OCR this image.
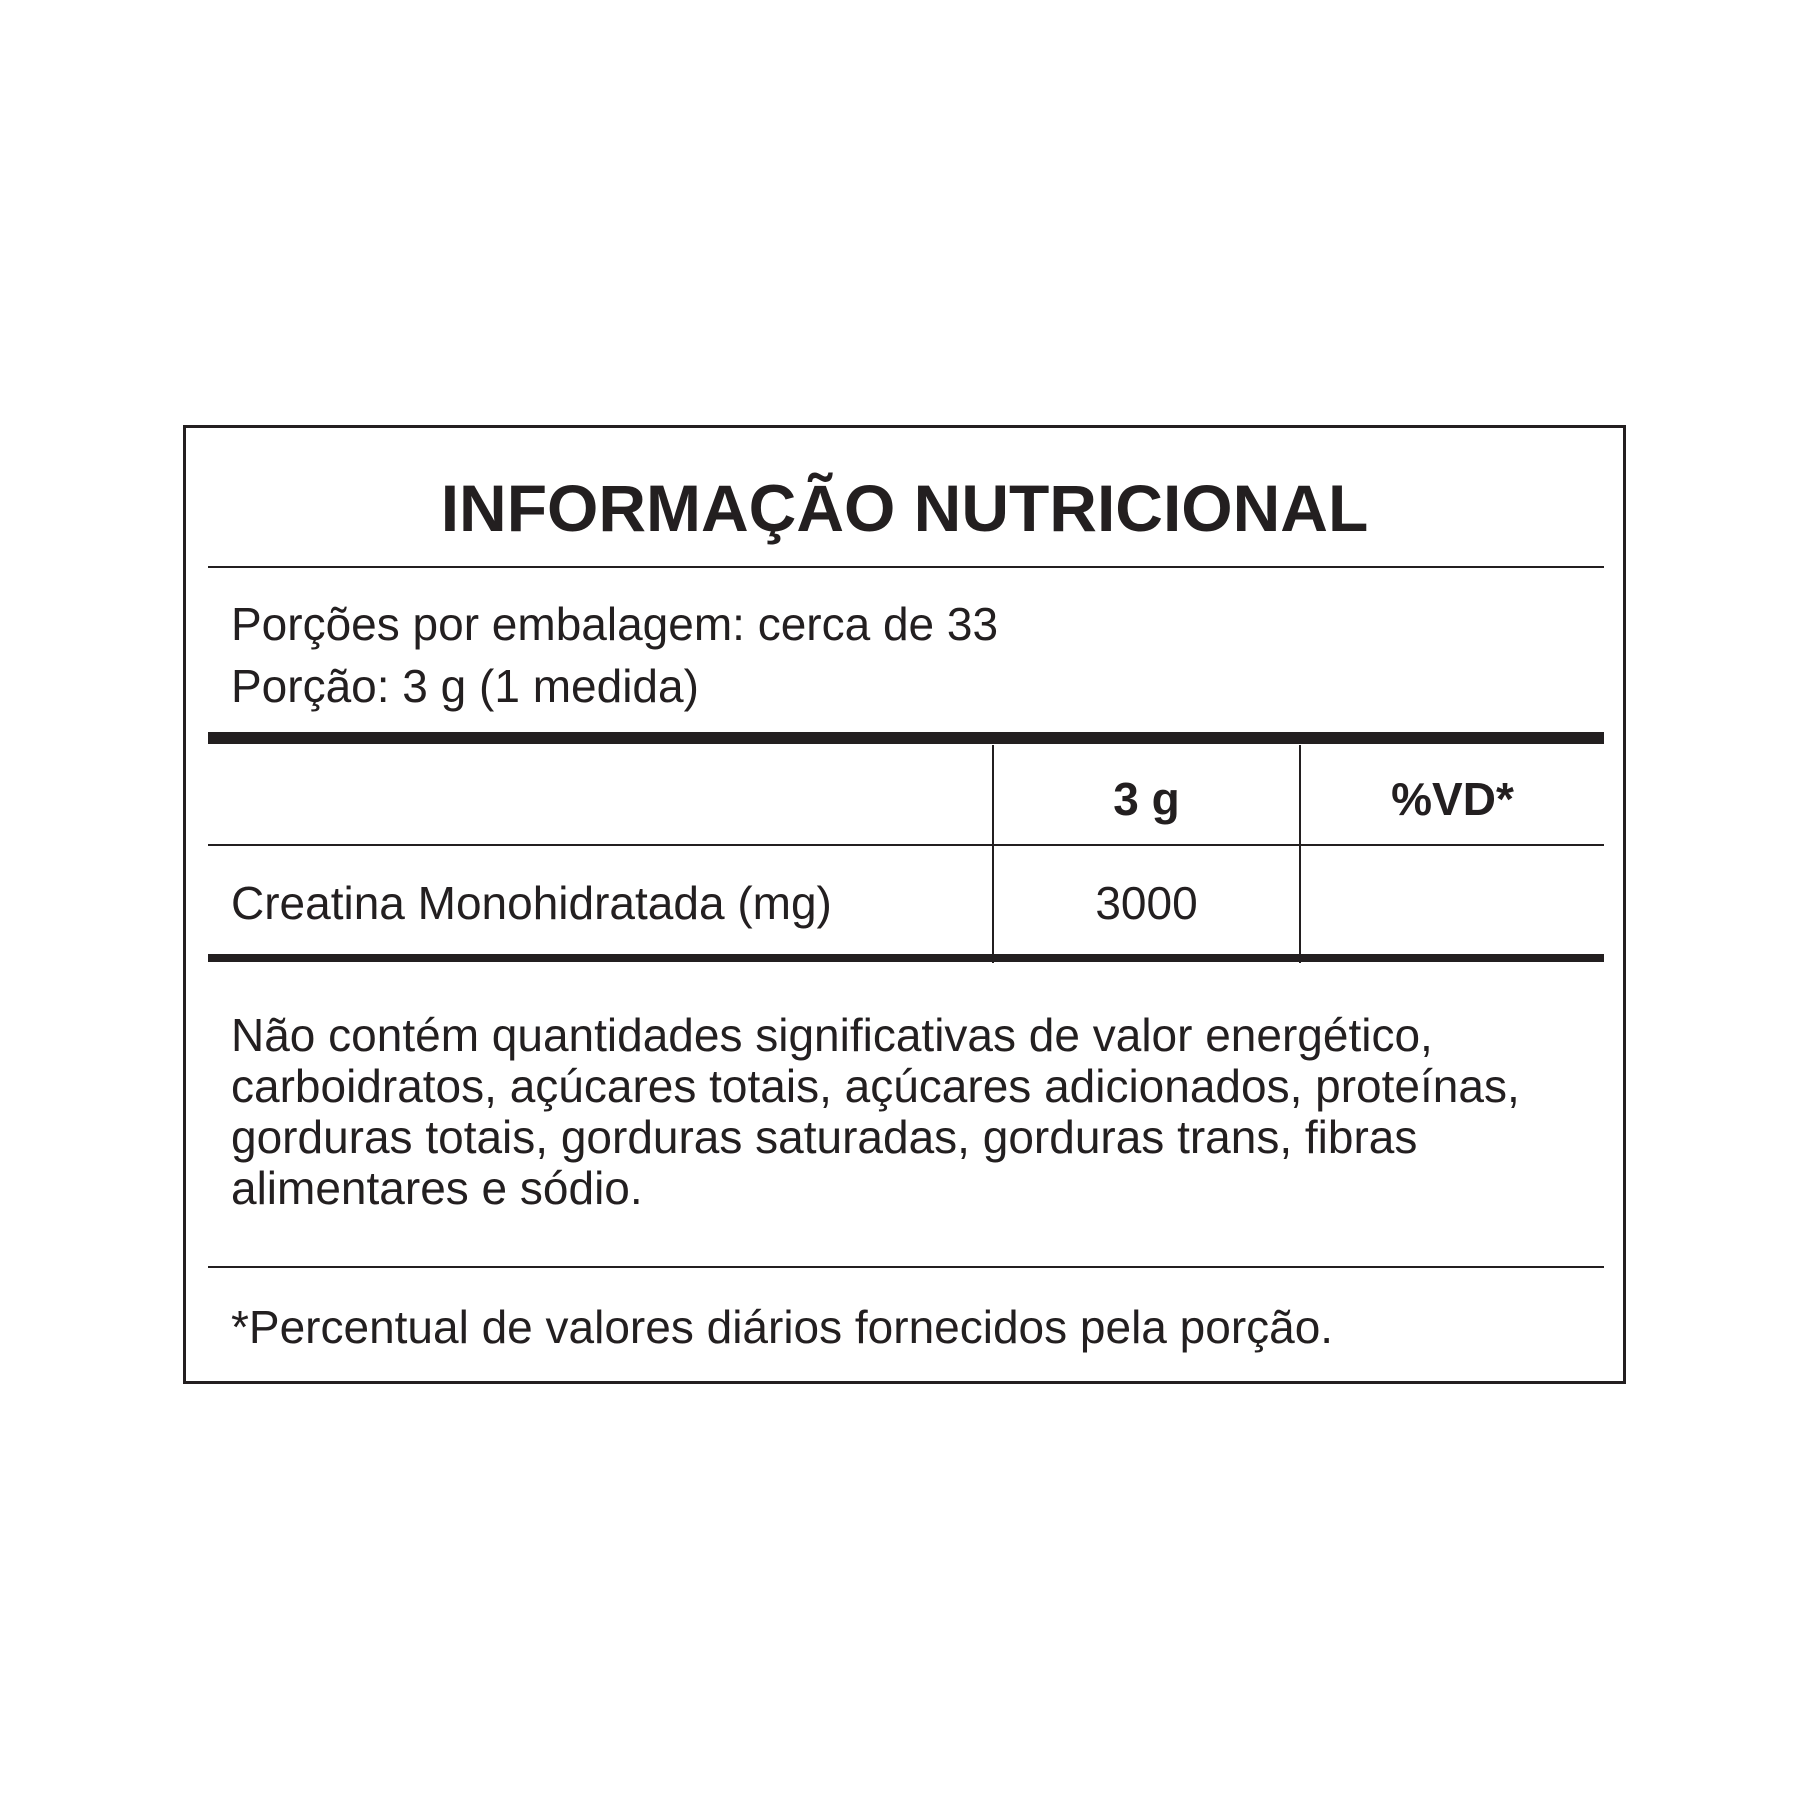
INFORMAÇÃO NUTRICIONAL
Porções por embalagem: cerca de 33
Porção: 3 g (1 medida)
3 g	%VD*
Creatina Monohidratada (mg)	3000
Não contém quantidades significativas de valor energético, carboidratos, açúcares totais, açúcares adicionados, proteínas, gorduras totais, gorduras saturadas, gorduras trans, fibras alimentares e sódio.
*Percentual de valores diários fornecidos pela porção.
